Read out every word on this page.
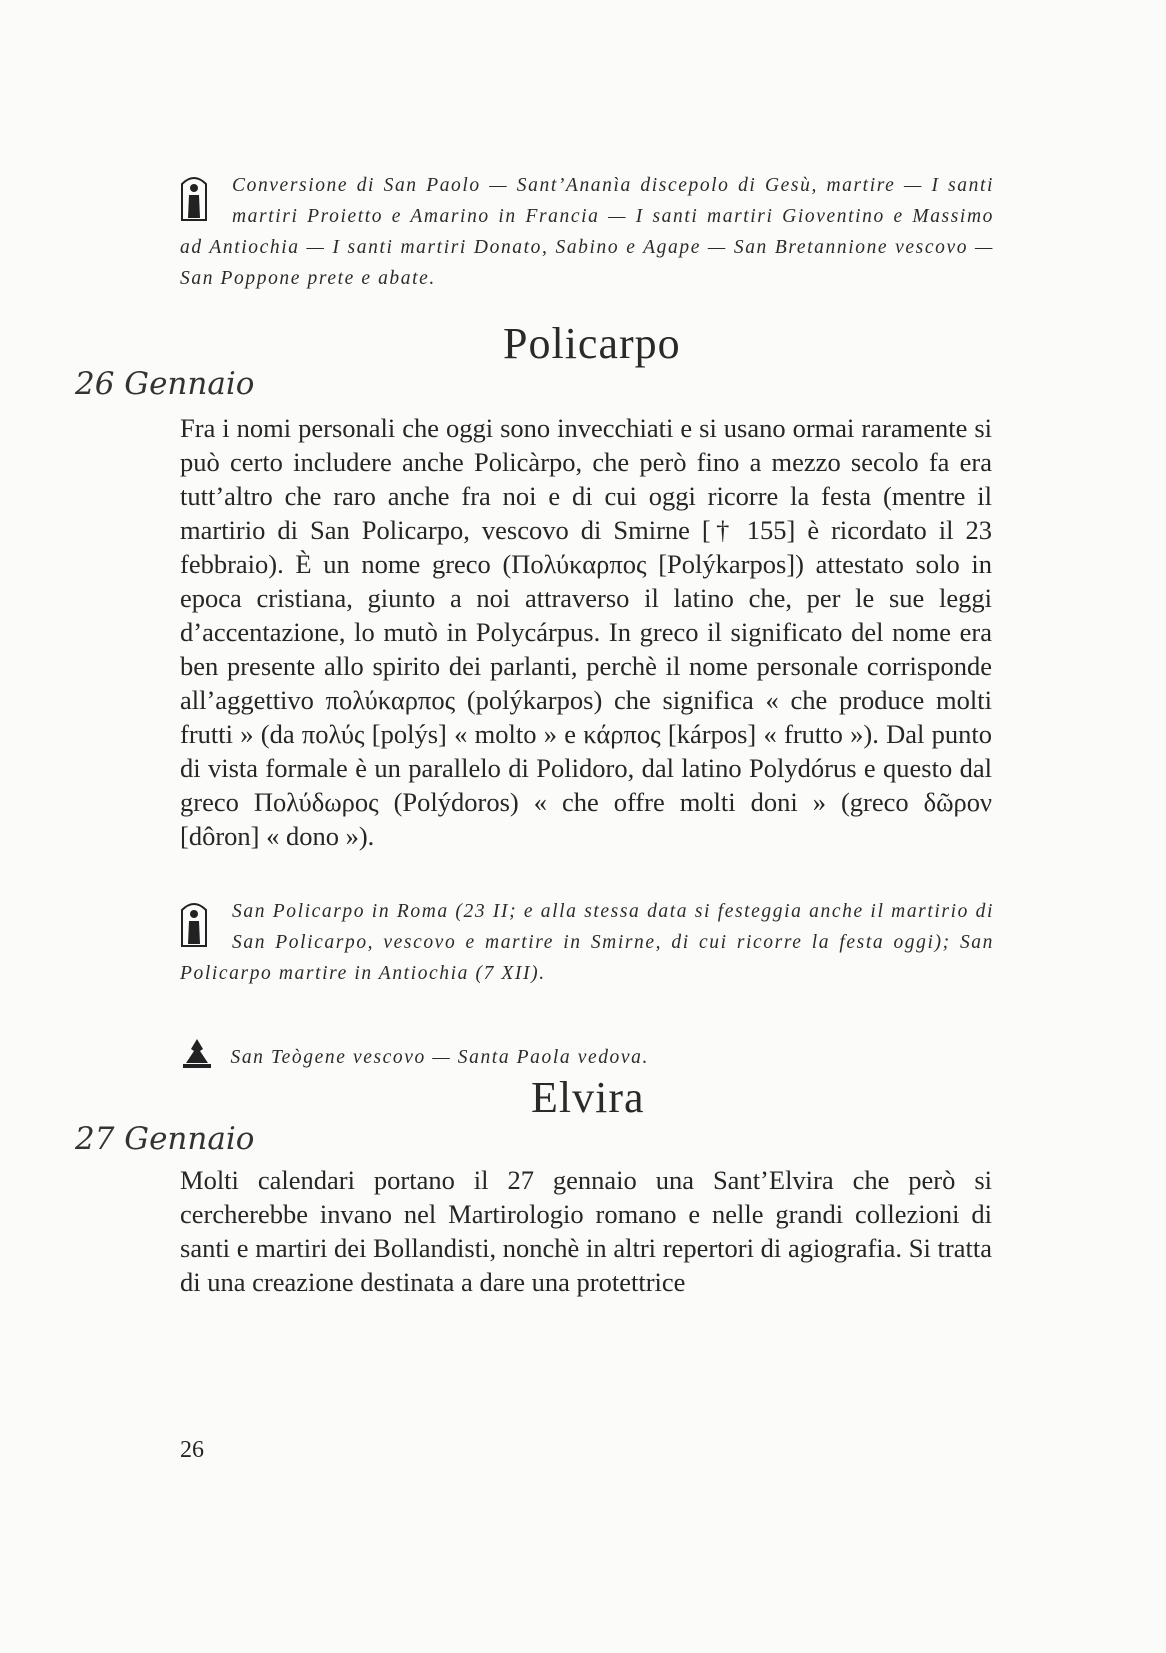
Conversione di San Paolo — Sant’Ananìa discepolo di Gesù, martire — I santi martiri Proietto e Amarino in Francia — I santi martiri Gioventino e Massimo ad Antiochia — I santi martiri Donato, Sabino e Agape — San Bretannione vescovo — San Poppone prete e abate.
Policarpo
26 Gennaio
Fra i nomi personali che oggi sono invecchiati e si usano ormai raramente si può certo includere anche Policàrpo, che però fino a mezzo secolo fa era tutt’altro che raro anche fra noi e di cui oggi ricorre la festa (mentre il martirio di San Policarpo, vescovo di Smirne [† 155] è ricordato il 23 febbraio). È un nome greco (Πολύκαρπος [Polýkarpos]) attestato solo in epoca cristiana, giunto a noi attraverso il latino che, per le sue leggi d’accentazione, lo mutò in Polycárpus. In greco il significato del nome era ben presente allo spirito dei parlanti, perchè il nome personale corrisponde all’aggettivo πολύκαρπος (polýkarpos) che significa « che produce molti frutti » (da πολύς [polýs] « molto » e κάρπος [kárpos] « frutto »). Dal punto di vista formale è un parallelo di Polidoro, dal latino Polydórus e questo dal greco Πολύδωρος (Polýdoros) « che offre molti doni » (greco δῶρον [dôron] « dono »).
San Policarpo in Roma (23 II; e alla stessa data si festeggia anche il martirio di San Policarpo, vescovo e martire in Smirne, di cui ricorre la festa oggi); San Policarpo martire in Antiochia (7 XII).
San Teògene vescovo — Santa Paola vedova.
Elvira
27 Gennaio
Molti calendari portano il 27 gennaio una Sant’Elvira che però si cercherebbe invano nel Martirologio romano e nelle grandi collezioni di santi e martiri dei Bollandisti, nonchè in altri repertori di agiografia. Si tratta di una creazione destinata a dare una protettrice
26
